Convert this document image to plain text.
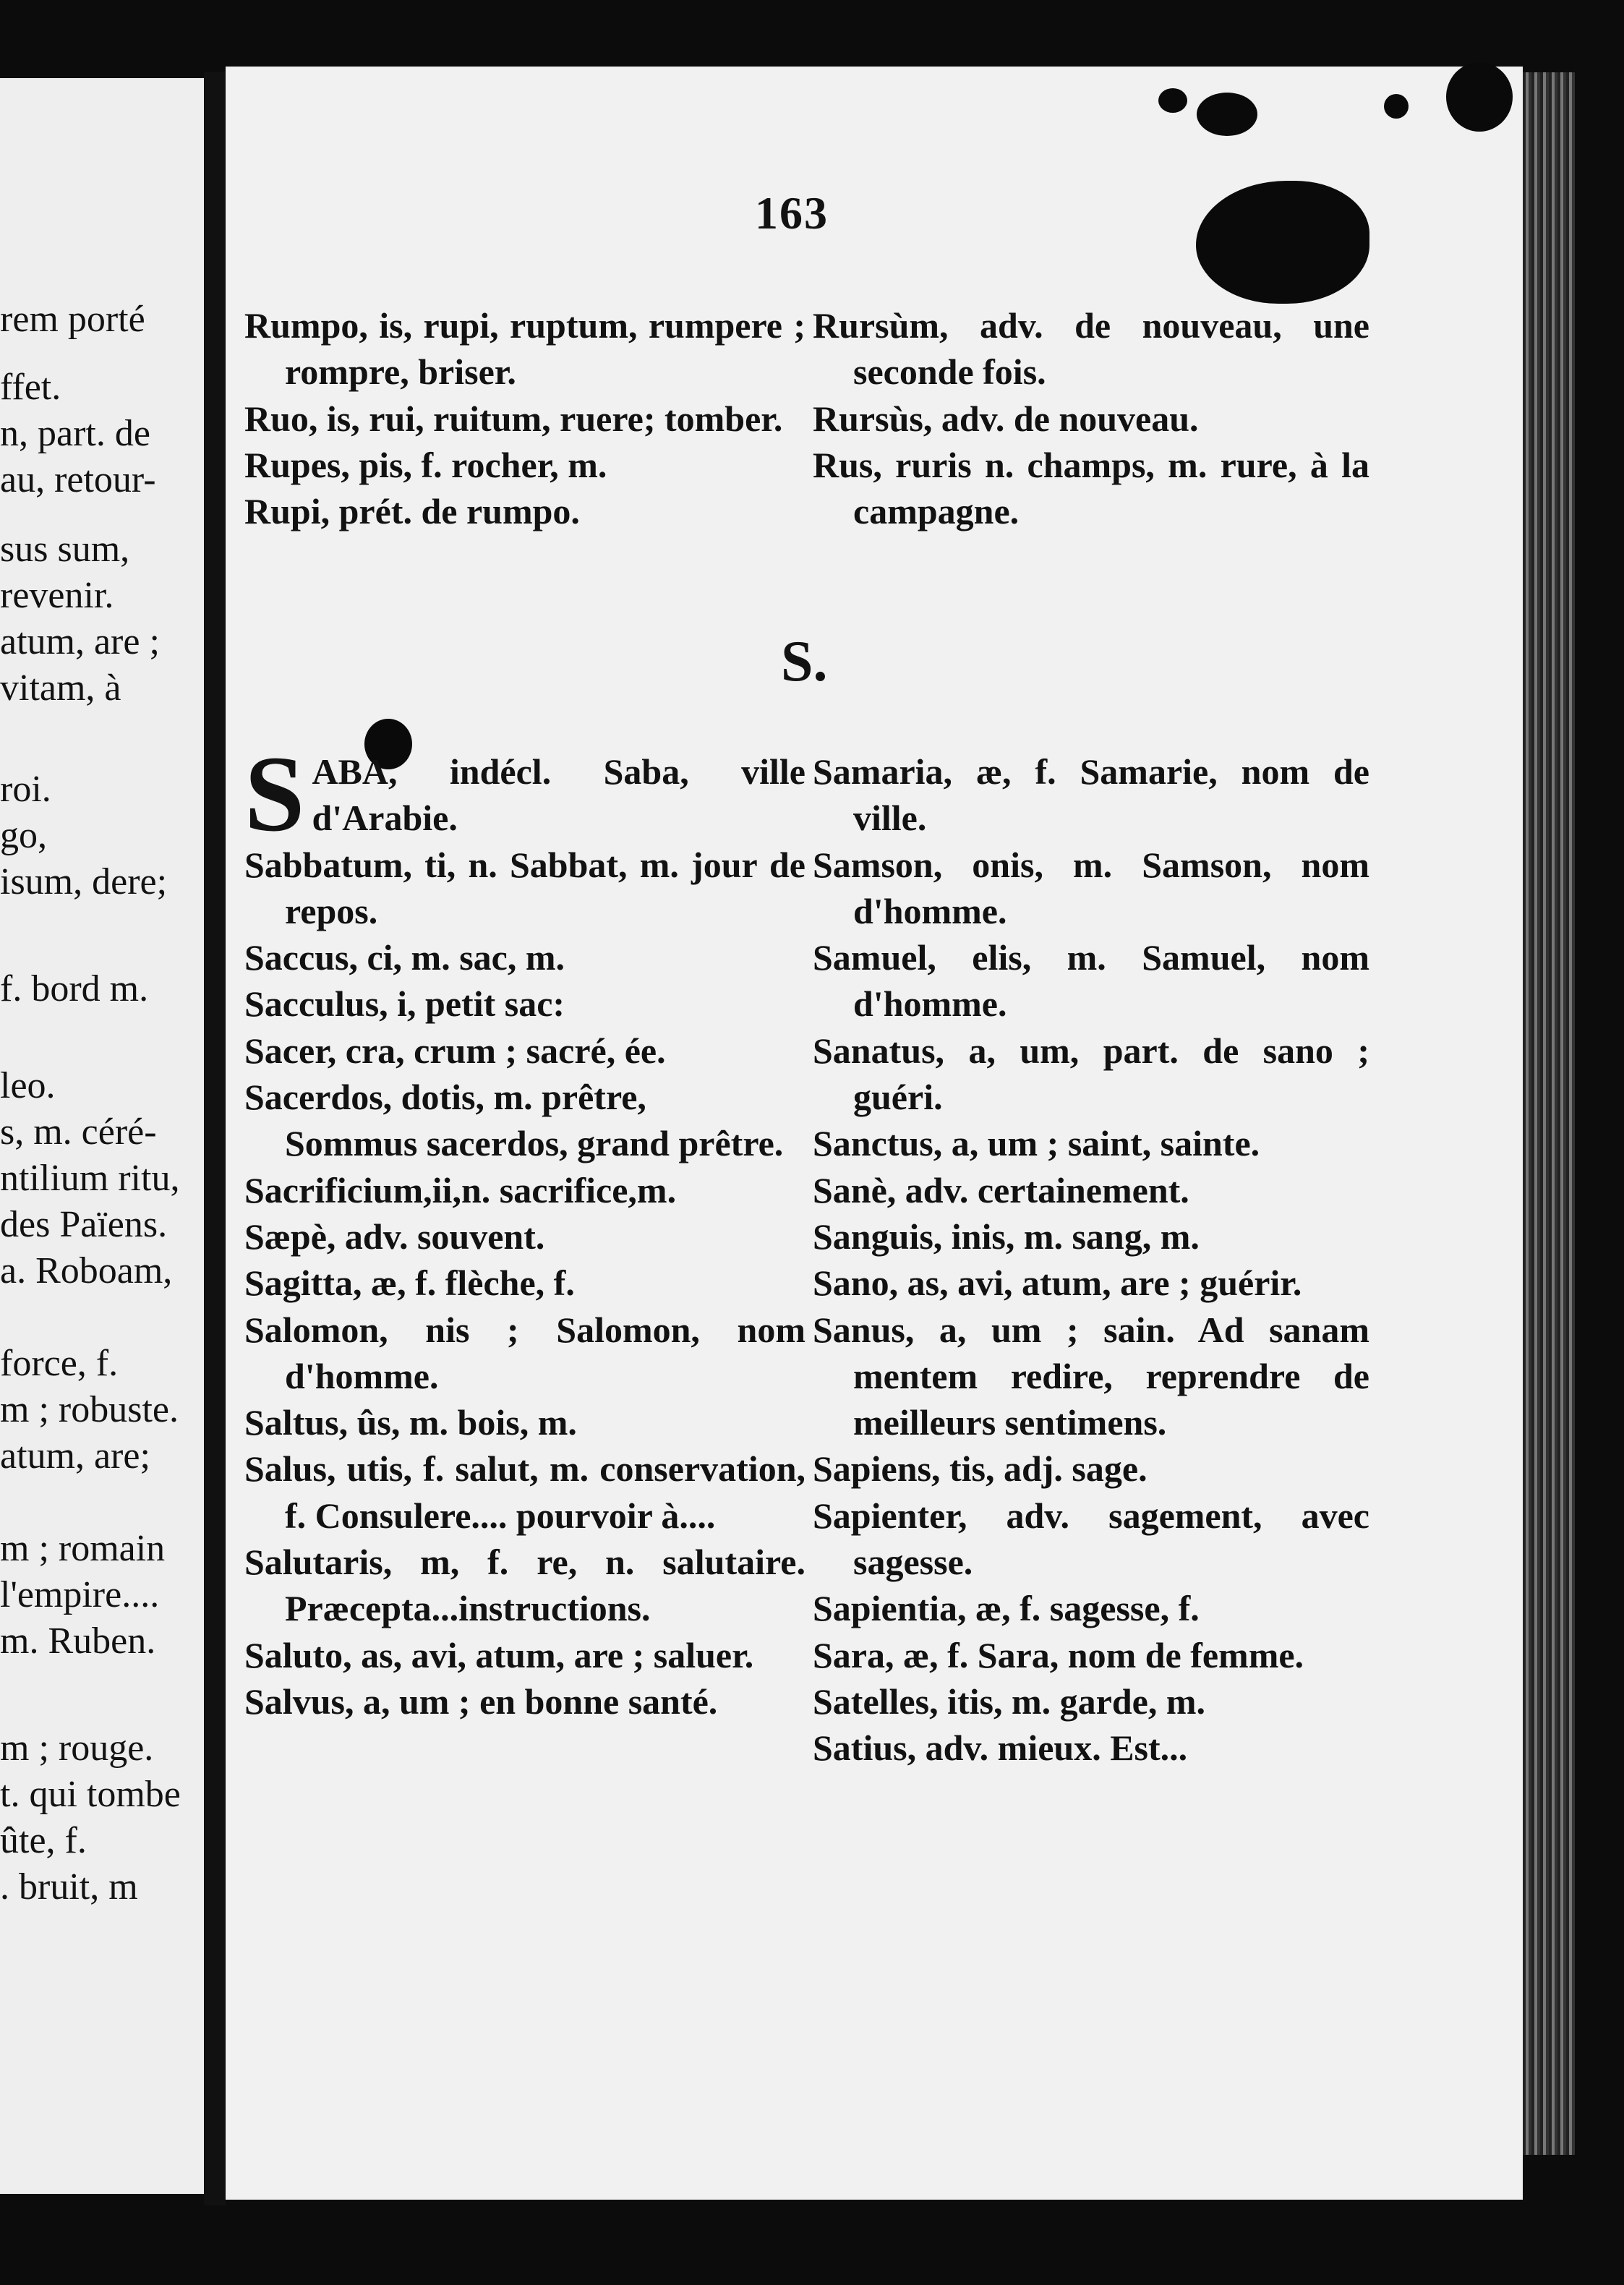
rem porté
ffet.
n, part. de
au, retour-
sus sum,
revenir.
atum, are ;
vitam, à
roi.
go,
isum, dere;
f. bord m.
leo.
s, m. céré-
ntilium ritu,
des Païens.
a. Roboam,
force, f.
m ; robuste.
atum, are;
m ; romain
l'empire....
m. Ruben.
m ; rouge.
t. qui tombe
ûte, f.
. bruit, m
163
Rumpo, is, rupi, ruptum, rumpere ; rompre, briser.
Ruo, is, rui, ruitum, ruere; tomber.
Rupes, pis, f. rocher, m.
Rupi, prét. de rumpo.
Rursùm, adv. de nouveau, une seconde fois.
Rursùs, adv. de nouveau.
Rus, ruris n. champs, m. rure, à la campagne.
S.
S ABA, indécl. Saba, ville d'Arabie.
Sabbatum, ti, n. Sabbat, m. jour de repos.
Saccus, ci, m. sac, m.
Sacculus, i, petit sac:
Sacer, cra, crum ; sacré, ée.
Sacerdos, dotis, m. prêtre,
Sommus sacerdos, grand prêtre.
Sacrificium,ii,n. sacrifice,m.
Sæpè, adv. souvent.
Sagitta, æ, f. flèche, f.
Salomon, nis ; Salomon, nom d'homme.
Saltus, ûs, m. bois, m.
Salus, utis, f. salut, m. conservation, f. Consulere.... pourvoir à....
Salutaris, m, f. re, n. salutaire. Præcepta...instructions.
Saluto, as, avi, atum, are ; saluer.
Salvus, a, um ; en bonne santé.
Samaria, æ, f. Samarie, nom de ville.
Samson, onis, m. Samson, nom d'homme.
Samuel, elis, m. Samuel, nom d'homme.
Sanatus, a, um, part. de sano ; guéri.
Sanctus, a, um ; saint, sainte.
Sanè, adv. certainement.
Sanguis, inis, m. sang, m.
Sano, as, avi, atum, are ; guérir.
Sanus, a, um ; sain. Ad sanam mentem redire, reprendre de meilleurs sentimens.
Sapiens, tis, adj. sage.
Sapienter, adv. sagement, avec sagesse.
Sapientia, æ, f. sagesse, f.
Sara, æ, f. Sara, nom de femme.
Satelles, itis, m. garde, m.
Satius, adv. mieux. Est...
